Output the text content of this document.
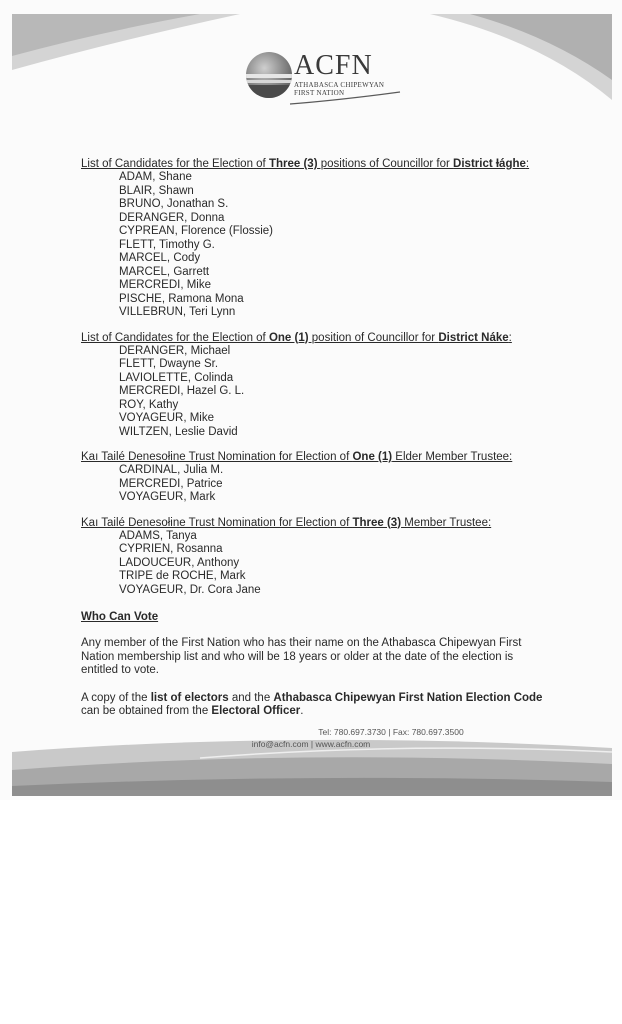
ACFN
ATHABASCA CHIPEWYAN
FIRST NATION
List of Candidates for the Election of Three (3) positions of Councillor for District Ɨághe:
ADAM, Shane
BLAIR, Shawn
BRUNO, Jonathan S.
DERANGER, Donna
CYPREAN, Florence (Flossie)
FLETT, Timothy G.
MARCEL, Cody
MARCEL, Garrett
MERCREDI, Mike
PISCHE, Ramona Mona
VILLEBRUN, Teri Lynn
List of Candidates for the Election of One (1) position of Councillor for District Náke:
DERANGER, Michael
FLETT, Dwayne Sr.
LAVIOLETTE, Colinda
MERCREDI, Hazel G. L.
ROY, Kathy
VOYAGEUR, Mike
WILTZEN, Leslie David
Kaı Tailé Denesołine Trust Nomination for Election of One (1) Elder Member Trustee:
CARDINAL, Julia M.
MERCREDI, Patrice
VOYAGEUR, Mark
Kaı Tailé Denesołine Trust Nomination for Election of Three (3) Member Trustee:
ADAMS, Tanya
CYPRIEN, Rosanna
LADOUCEUR, Anthony
TRIPE de ROCHE, Mark
VOYAGEUR, Dr. Cora Jane
Who Can Vote
Any member of the First Nation who has their name on the Athabasca Chipewyan First Nation membership list and who will be 18 years or older at the date of the election is entitled to vote.
A copy of the list of electors and the Athabasca Chipewyan First Nation Election Code can be obtained from the Electoral Officer.
Tel: 780.697.3730 | Fax: 780.697.3500
info@acfn.com | www.acfn.com
